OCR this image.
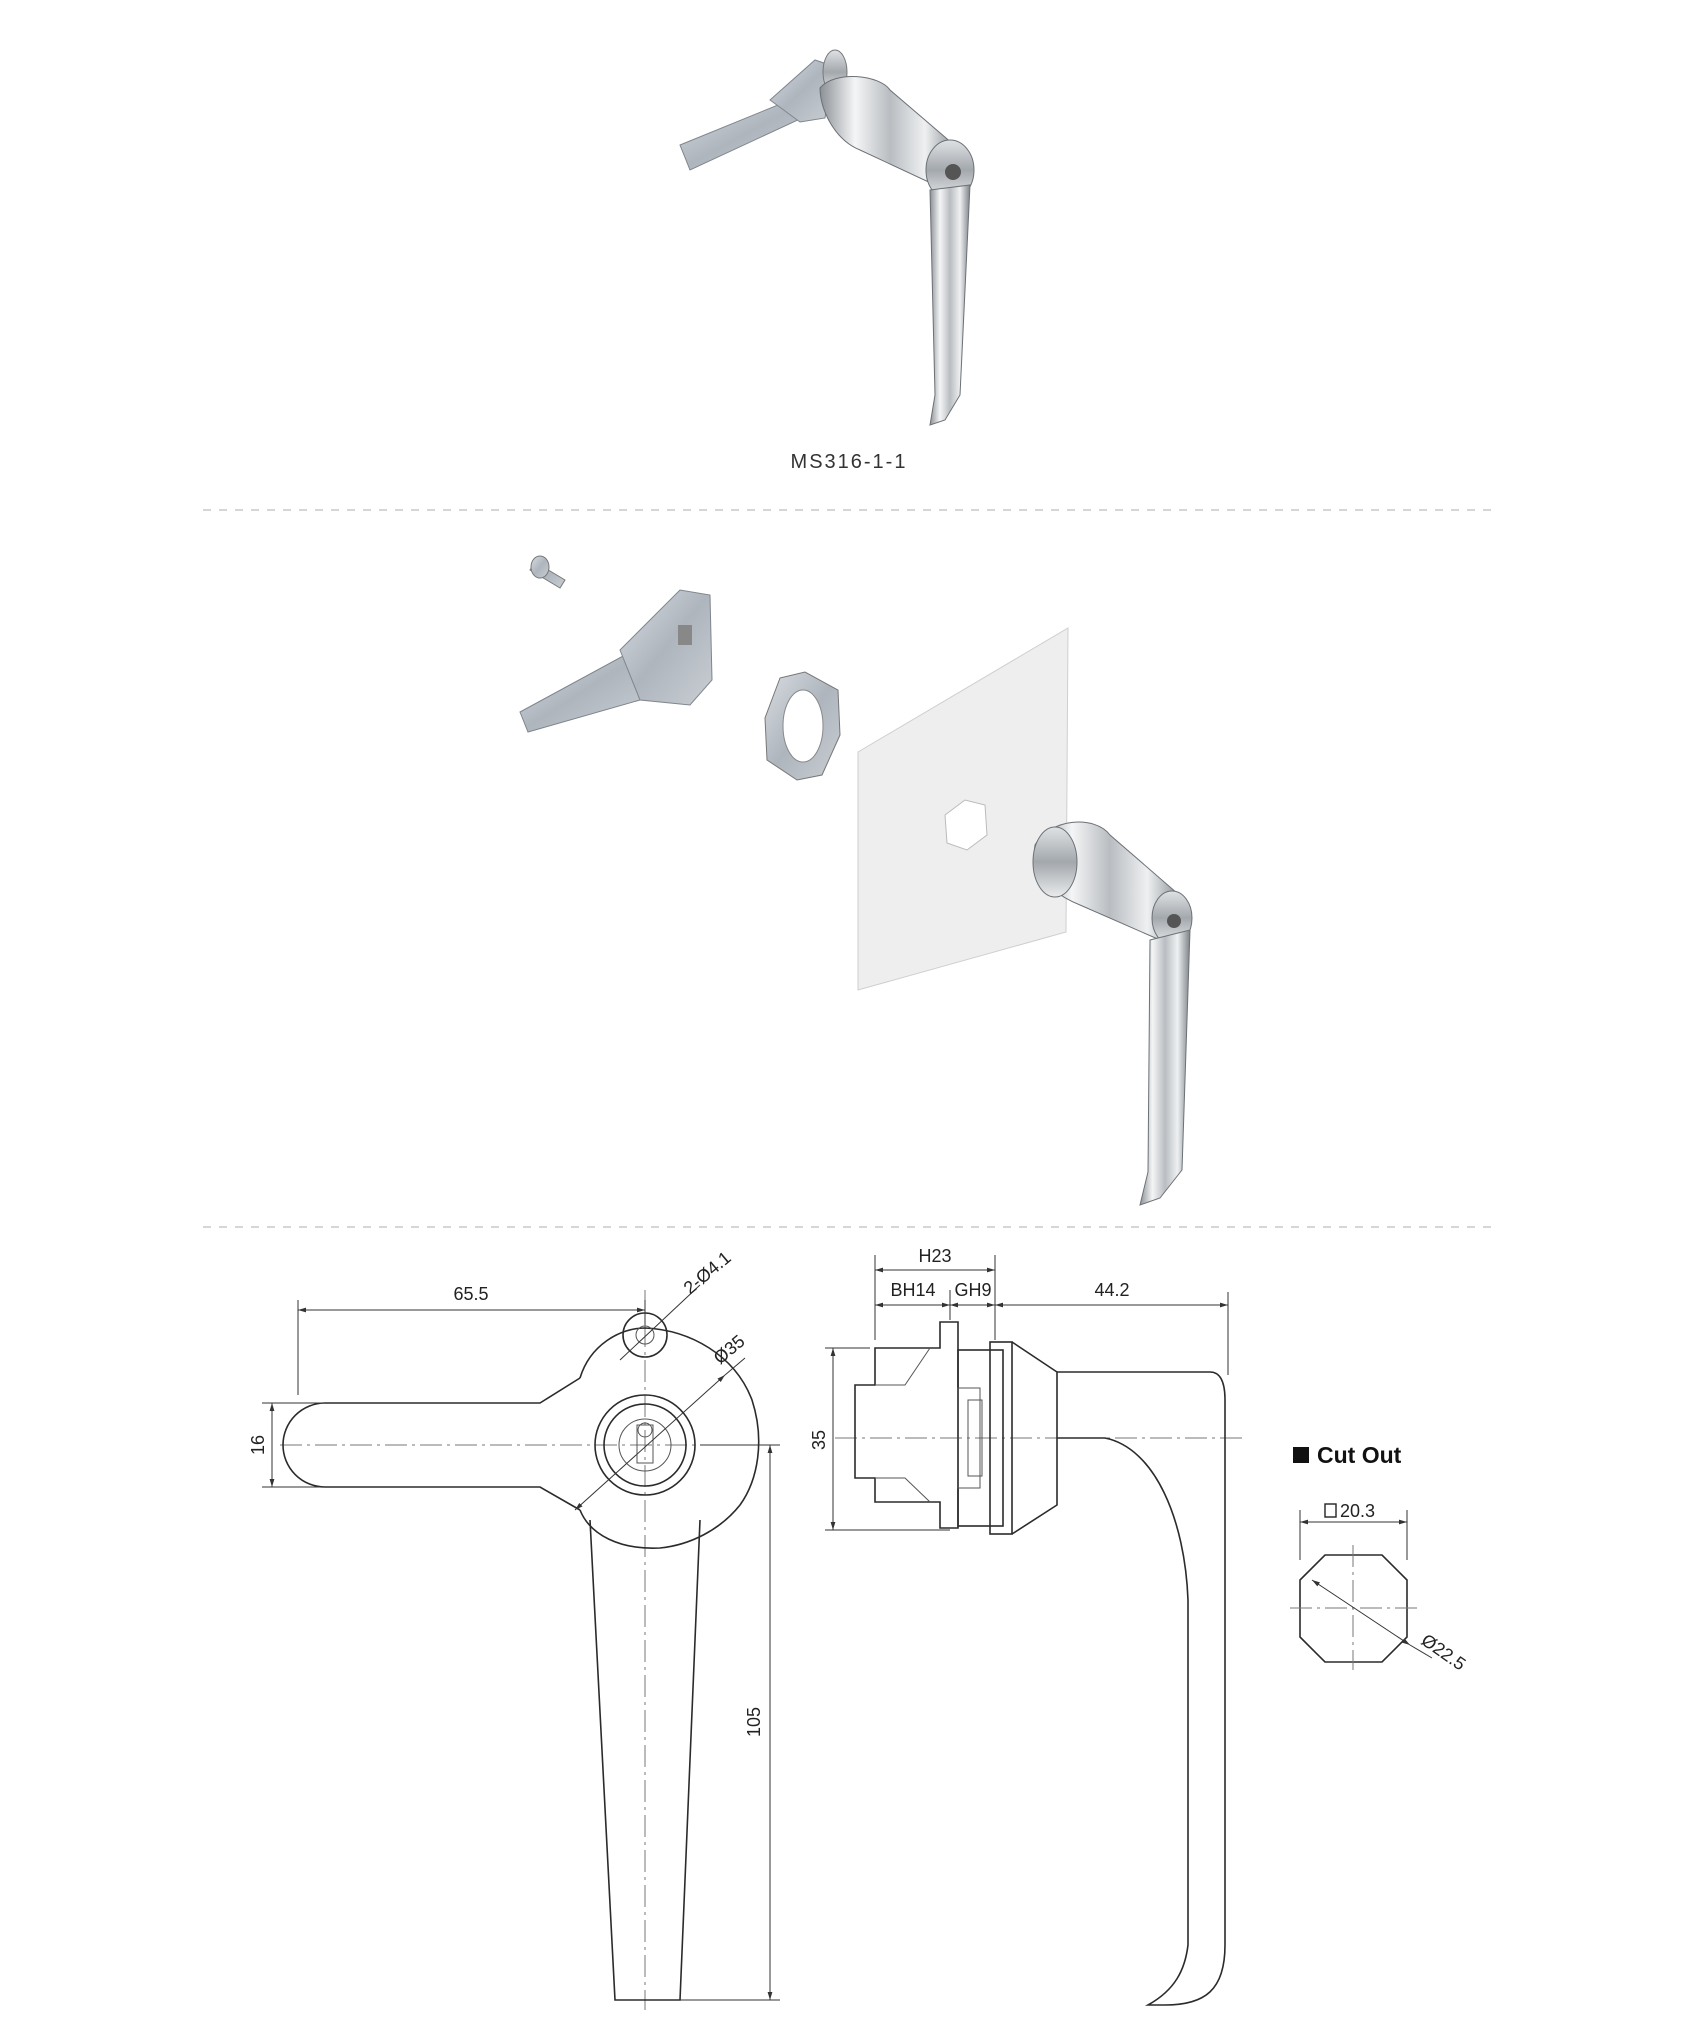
MS316-1-1
65.5	2-Ø4.1
Ø35
16
105
H23
BH14 GH9	44.2
35
Cut Out
20.3
Ø22.5
